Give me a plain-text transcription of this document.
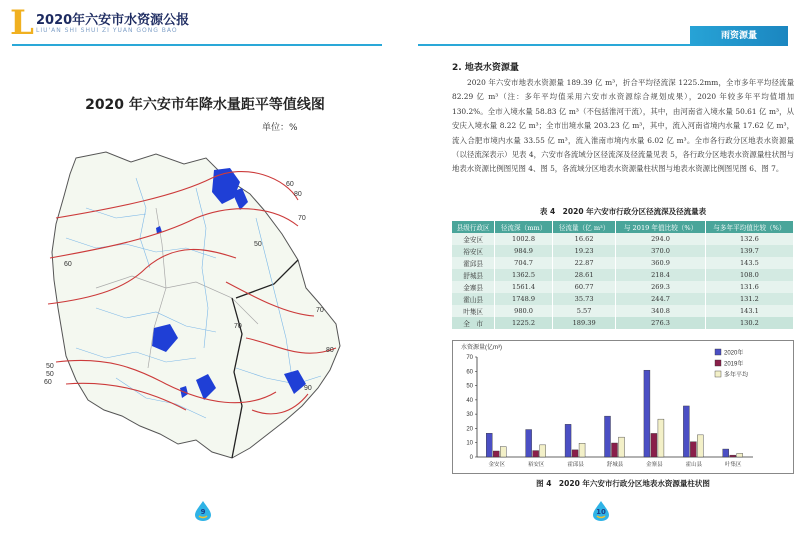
L 2020年六安市水资源公报
LIU'AN SHI SHUI ZI YUAN GONG BAO
雨资源量
2020 年六安市年降水量距平等值线图
单位：%
80
70
60
50
70
60
50
60
70
80
90
50
9
2. 地表水资源量
2020 年六安市地表水资源量 189.39 亿 m³，折合平均径流深 1225.2mm，全市多年平均径流量 82.29 亿 m³（注：多年平均值采用六安市水资源综合规划成果），2020 年较多年平均值增加 130.2%。全市入境水量 58.83 亿 m³（不包括淮河干流），其中，由河南省入境水量 50.61 亿 m³，从安庆入境水量 8.22 亿 m³；全市出境水量 203.23 亿 m³，其中，流入河南省境内水量 17.62 亿 m³，流入合肥市境内水量 33.55 亿 m³，流入淮南市境内水量 6.02 亿 m³。全市各行政分区地表水资源量（以径流深表示）见表 4，六安市各流域分区径流深及径流量见表 5，各行政分区地表水资源量柱状图与地表水资源比例图见图 4、图 5，各流域分区地表水资源量柱状图与地表水资源比例图见图 6、图 7。
表 4　2020 年六安市行政分区径流深及径流量表
县级行政区	径流深（mm）	径流量（亿 m³）	与 2019 年值比较（%）	与多年平均值比较（%）
金安区	1002.8	16.62	294.0	132.6
裕安区	984.9	19.23	370.0	139.7
霍邱县	704.7	22.87	360.9	143.5
舒城县	1362.5	28.61	218.4	108.0
金寨县	1561.4	60.77	269.3	131.6
霍山县	1748.9	35.73	244.7	131.2
叶集区	980.0	5.57	340.8	143.1
全　市	1225.2	189.39	276.3	130.2
水资源量(亿m³)
0
10
20
30
40
50
60
70
金安区	裕安区	霍邱县	舒城县	金寨县	霍山县	叶集区
2020年
2019年
多年平均
图 4　2020 年六安市行政分区地表水资源量柱状图
10
